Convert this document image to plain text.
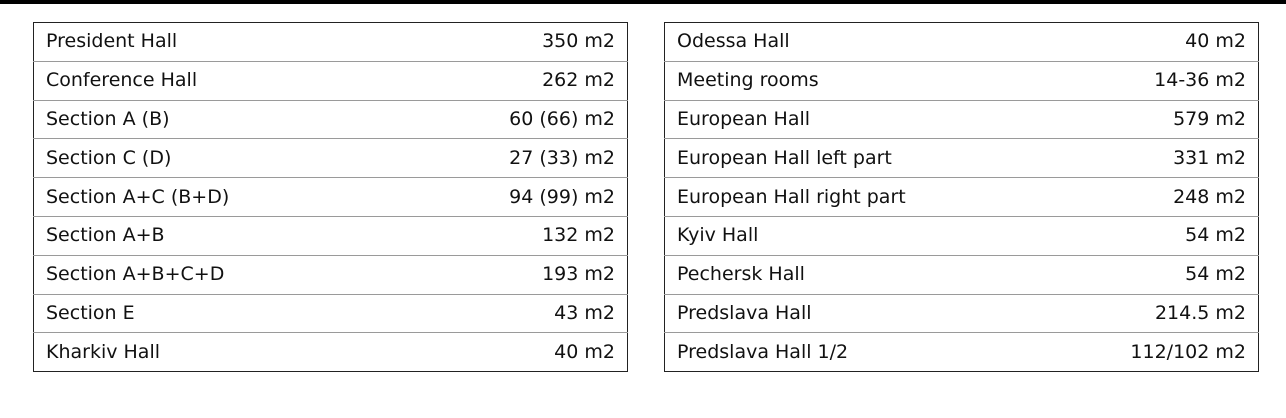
President Hall	350 m2
Conference Hall	262 m2
Section A (B)	60 (66) m2
Section C (D)	27 (33) m2
Section A+C (B+D)	94 (99) m2
Section A+B	132 m2
Section A+B+C+D	193 m2
Section E	43 m2
Kharkiv Hall	40 m2
Odessa Hall	40 m2
Meeting rooms	14-36 m2
European Hall	579 m2
European Hall left part	331 m2
European Hall right part	248 m2
Kyiv Hall	54 m2
Pechersk Hall	54 m2
Predslava Hall	214.5 m2
Predslava Hall 1/2	112/102 m2
